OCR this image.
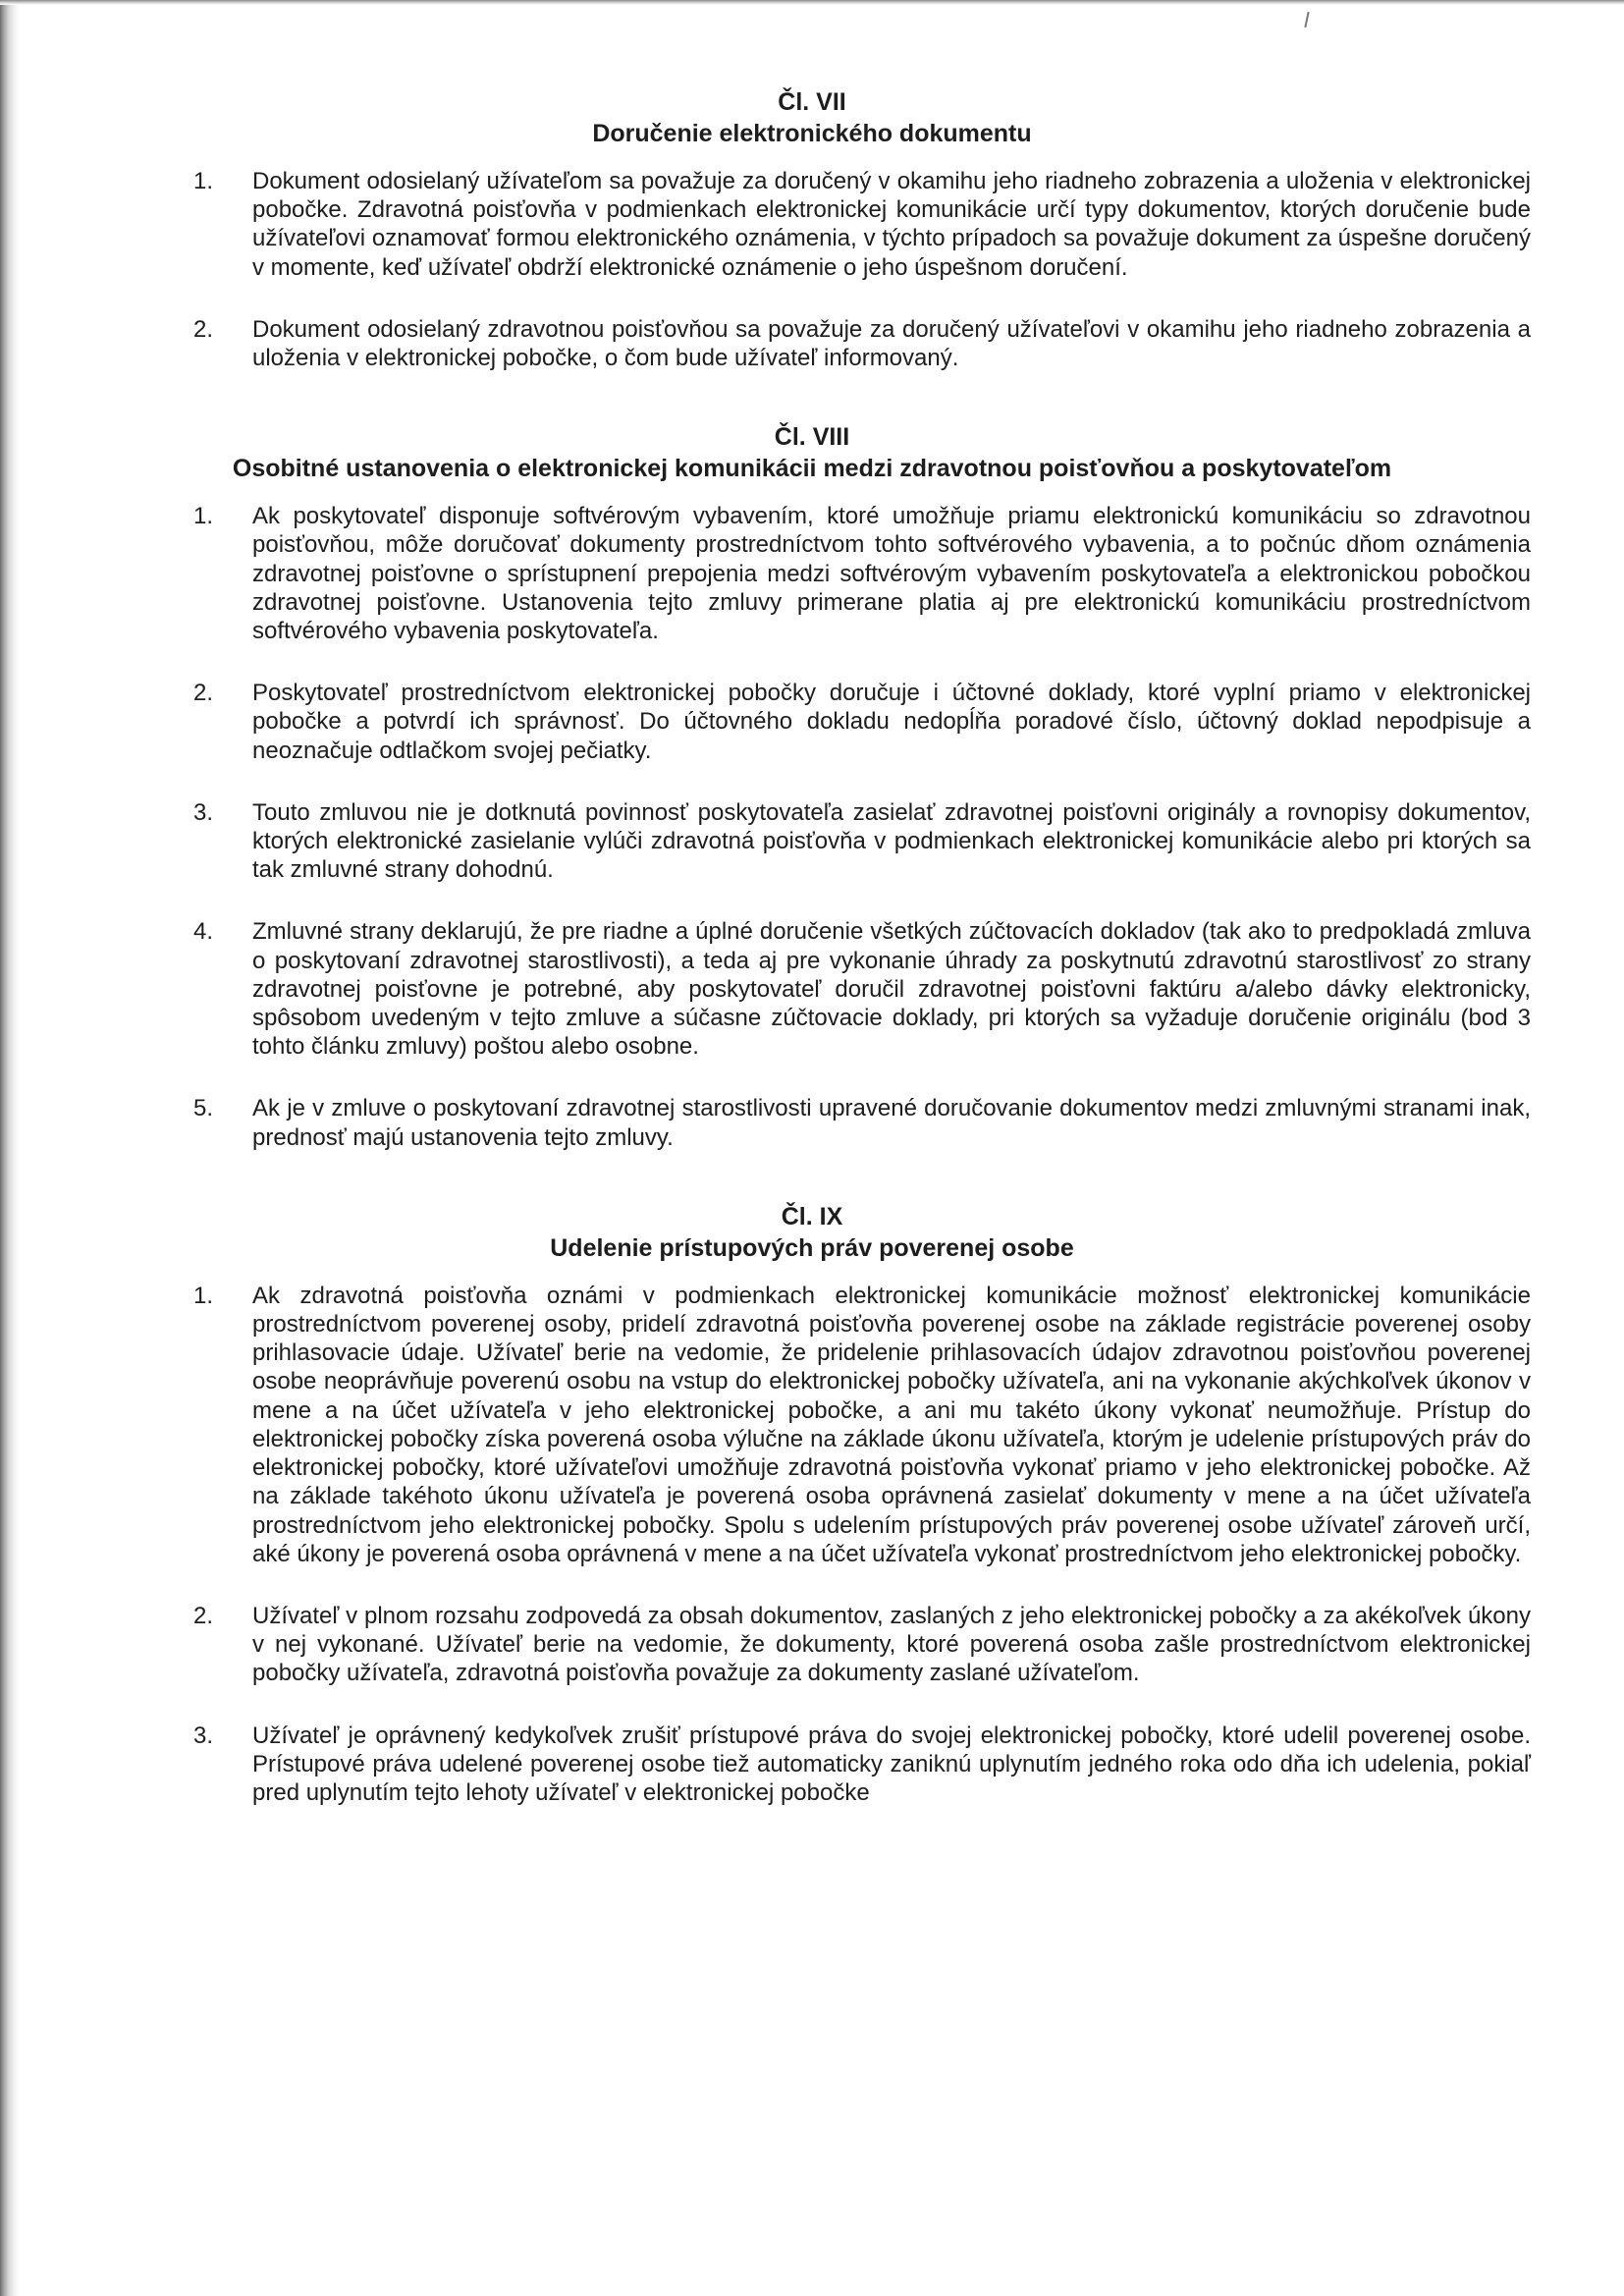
Čl. VII
Doručenie elektronického dokumentu
1. Dokument odosielaný užívateľom sa považuje za doručený v okamihu jeho riadneho zobrazenia a uloženia v elektronickej pobočke. Zdravotná poisťovňa v podmienkach elektronickej komunikácie určí typy dokumentov, ktorých doručenie bude užívateľovi oznamovať formou elektronického oznámenia, v týchto prípadoch sa považuje dokument za úspešne doručený v momente, keď užívateľ obdrží elektronické oznámenie o jeho úspešnom doručení.
2. Dokument odosielaný zdravotnou poisťovňou sa považuje za doručený užívateľovi v okamihu jeho riadneho zobrazenia a uloženia v elektronickej pobočke, o čom bude užívateľ informovaný.
Čl. VIII
Osobitné ustanovenia o elektronickej komunikácii medzi zdravotnou poisťovňou a poskytovateľom
1. Ak poskytovateľ disponuje softvérovým vybavením, ktoré umožňuje priamu elektronickú komunikáciu so zdravotnou poisťovňou, môže doručovať dokumenty prostredníctvom tohto softvérového vybavenia, a to počnúc dňom oznámenia zdravotnej poisťovne o sprístupnení prepojenia medzi softvérovým vybavením poskytovateľa a elektronickou pobočkou zdravotnej poisťovne. Ustanovenia tejto zmluvy primerane platia aj pre elektronickú komunikáciu prostredníctvom softvérového vybavenia poskytovateľa.
2. Poskytovateľ prostredníctvom elektronickej pobočky doručuje i účtovné doklady, ktoré vyplní priamo v elektronickej pobočke a potvrdí ich správnosť. Do účtovného dokladu nedopĺňa poradové číslo, účtovný doklad nepodpisuje a neoznačuje odtlačkom svojej pečiatky.
3. Touto zmluvou nie je dotknutá povinnosť poskytovateľa zasielať zdravotnej poisťovni originály a rovnopisy dokumentov, ktorých elektronické zasielanie vylúči zdravotná poisťovňa v podmienkach elektronickej komunikácie alebo pri ktorých sa tak zmluvné strany dohodnú.
4. Zmluvné strany deklarujú, že pre riadne a úplné doručenie všetkých zúčtovacích dokladov (tak ako to predpokladá zmluva o poskytovaní zdravotnej starostlivosti), a teda aj pre vykonanie úhrady za poskytnutú zdravotnú starostlivosť zo strany zdravotnej poisťovne je potrebné, aby poskytovateľ doručil zdravotnej poisťovni faktúru a/alebo dávky elektronicky, spôsobom uvedeným v tejto zmluve a súčasne zúčtovacie doklady, pri ktorých sa vyžaduje doručenie originálu (bod 3 tohto článku zmluvy) poštou alebo osobne.
5. Ak je v zmluve o poskytovaní zdravotnej starostlivosti upravené doručovanie dokumentov medzi zmluvnými stranami inak, prednosť majú ustanovenia tejto zmluvy.
Čl. IX
Udelenie prístupových práv poverenej osobe
1. Ak zdravotná poisťovňa oznámi v podmienkach elektronickej komunikácie možnosť elektronickej komunikácie prostredníctvom poverenej osoby, pridelí zdravotná poisťovňa poverenej osobe na základe registrácie poverenej osoby prihlasovacie údaje. Užívateľ berie na vedomie, že pridelenie prihlasovacích údajov zdravotnou poisťovňou poverenej osobe neoprávňuje poverenú osobu na vstup do elektronickej pobočky užívateľa, ani na vykonanie akýchkoľvek úkonov v mene a na účet užívateľa v jeho elektronickej pobočke, a ani mu takéto úkony vykonať neumožňuje. Prístup do elektronickej pobočky získa poverená osoba výlučne na základe úkonu užívateľa, ktorým je udelenie prístupových práv do elektronickej pobočky, ktoré užívateľovi umožňuje zdravotná poisťovňa vykonať priamo v jeho elektronickej pobočke. Až na základe takéhoto úkonu užívateľa je poverená osoba oprávnená zasielať dokumenty v mene a na účet užívateľa prostredníctvom jeho elektronickej pobočky. Spolu s udelením prístupových práv poverenej osobe užívateľ zároveň určí, aké úkony je poverená osoba oprávnená v mene a na účet užívateľa vykonať prostredníctvom jeho elektronickej pobočky.
2. Užívateľ v plnom rozsahu zodpovedá za obsah dokumentov, zaslaných z jeho elektronickej pobočky a za akékoľvek úkony v nej vykonané. Užívateľ berie na vedomie, že dokumenty, ktoré poverená osoba zašle prostredníctvom elektronickej pobočky užívateľa, zdravotná poisťovňa považuje za dokumenty zaslané užívateľom.
3. Užívateľ je oprávnený kedykoľvek zrušiť prístupové práva do svojej elektronickej pobočky, ktoré udelil poverenej osobe. Prístupové práva udelené poverenej osobe tiež automaticky zaniknú uplynutím jedného roka odo dňa ich udelenia, pokiaľ pred uplynutím tejto lehoty užívateľ v elektronickej pobočke
